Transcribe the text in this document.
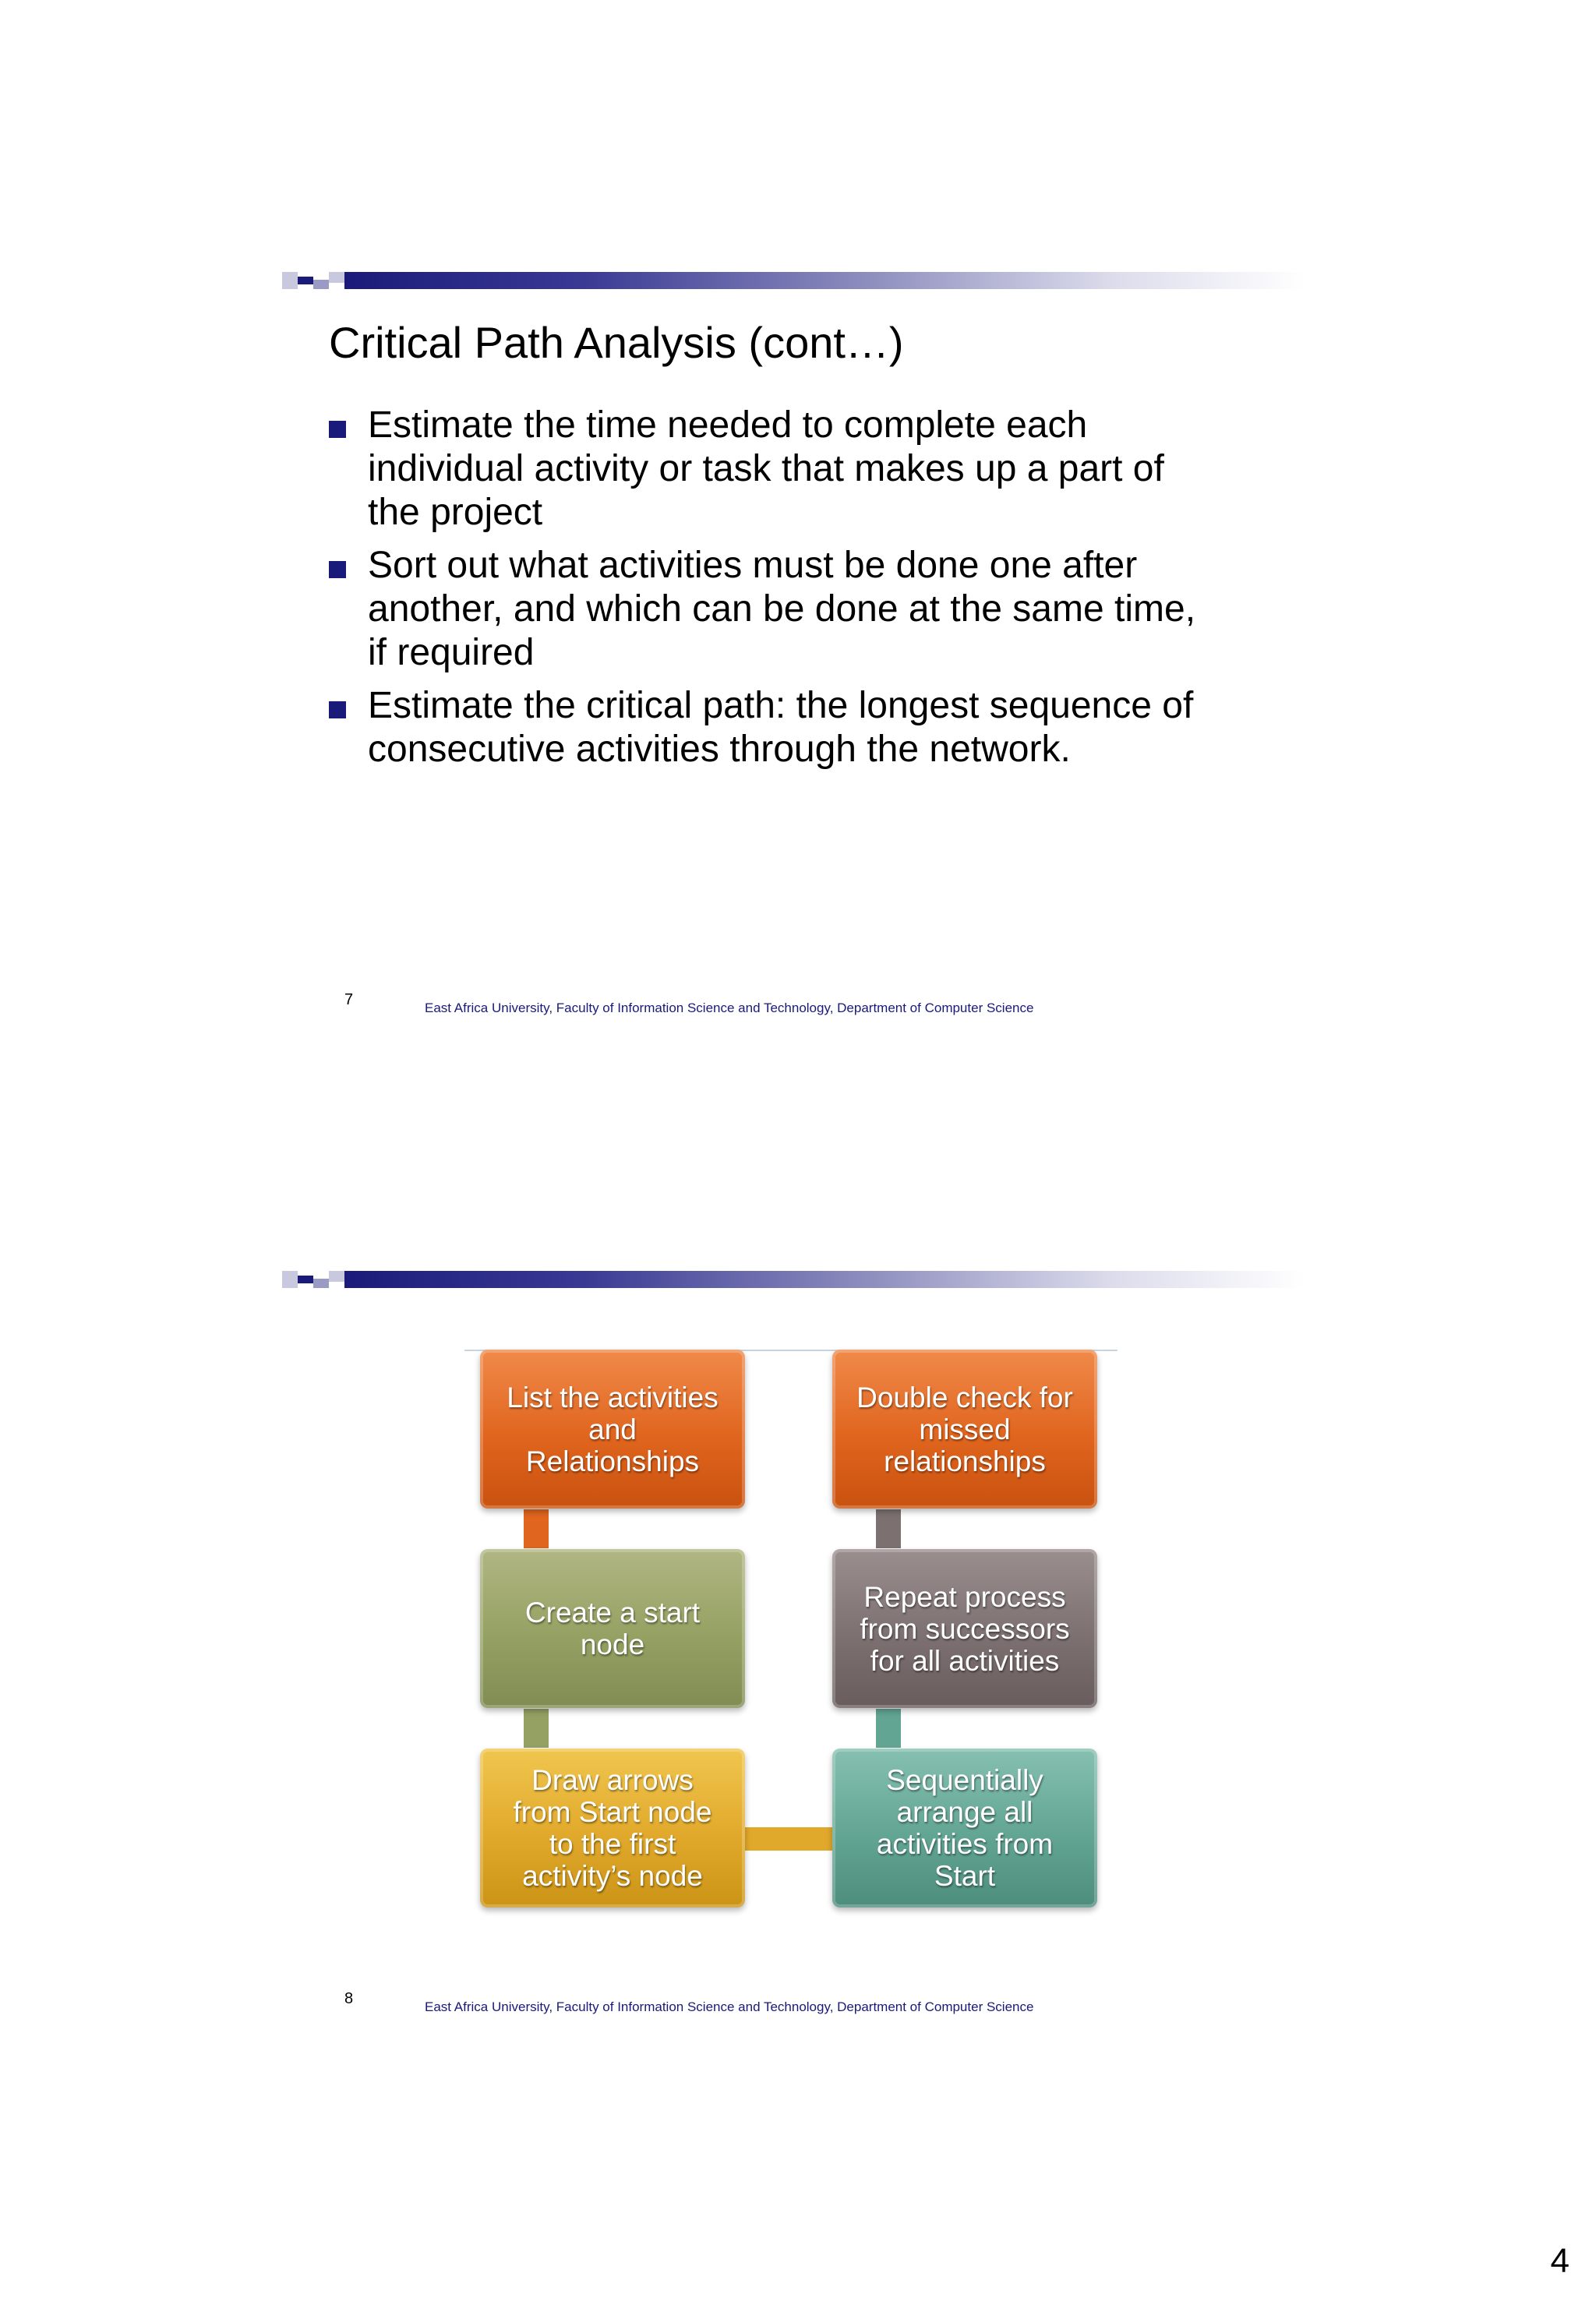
Critical Path Analysis (cont…)
Estimate the time needed to complete each
individual activity or task that makes up a part of
the project
Sort out what activities must be done one after
another, and which can be done at the same time,
if required
Estimate the critical path: the longest sequence of
consecutive activities through the network.
7	East Africa University, Faculty of Information Science and Technology, Department of Computer Science
List the activities
and
Relationships
Create a start
node
Draw arrows
from Start node
to the first
activity’s node
Sequentially
arrange all
activities from
Start
Repeat process
from successors
for all activities
Double check for
missed
relationships
8	East Africa University, Faculty of Information Science and Technology, Department of Computer Science
4
